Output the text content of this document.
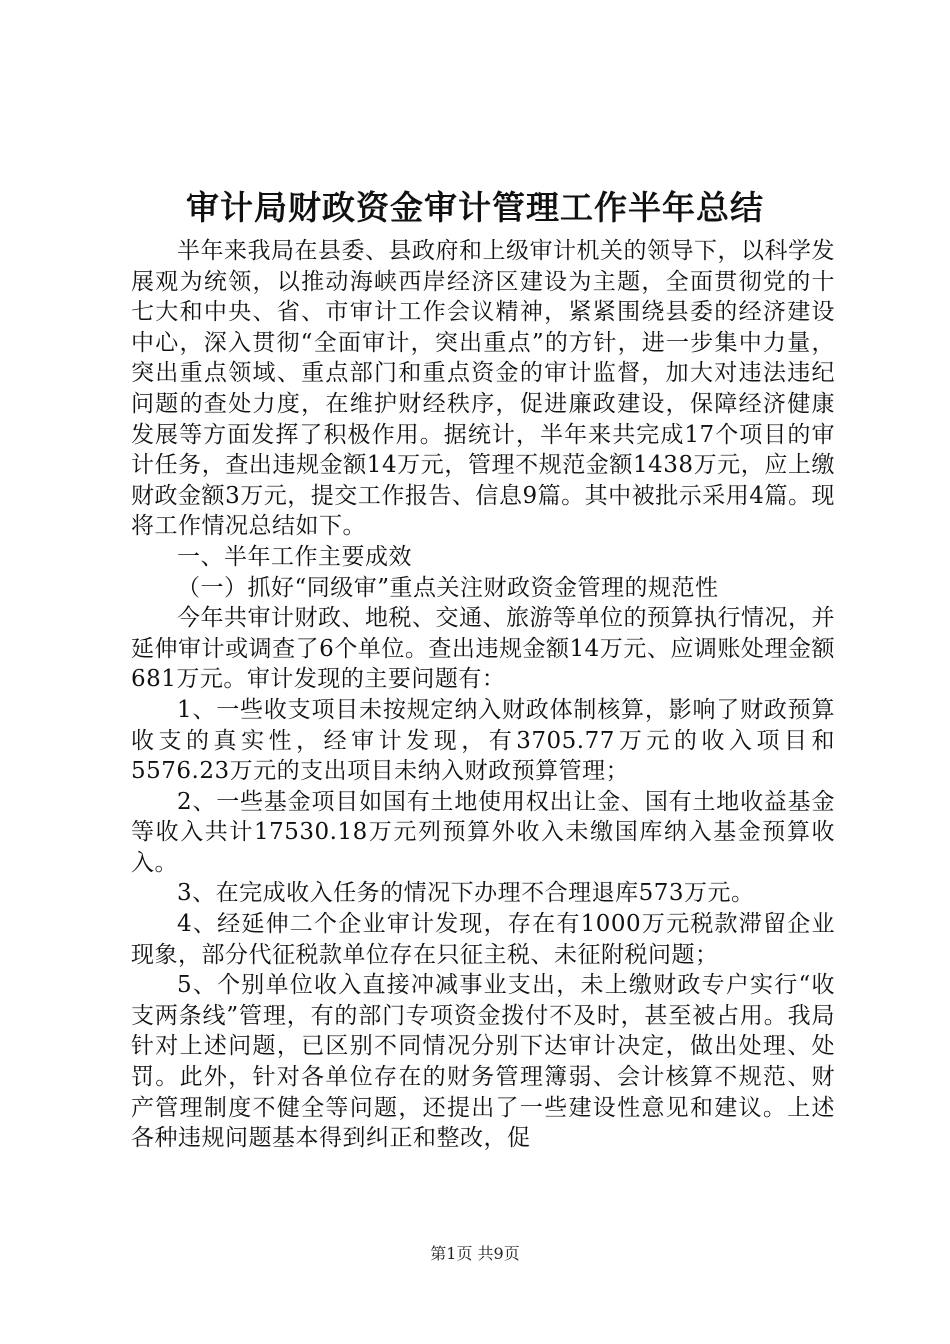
审计局财政资金审计管理工作半年总结

半年来我局在县委、县政府和上级审计机关的领导下，以科学发展观为统领，以推动海峡西岸经济区建设为主题，全面贯彻党的十七大和中央、省、市审计工作会议精神，紧紧围绕县委的经济建设中心，深入贯彻“全面审计，突出重点”的方针，进一步集中力量，突出重点领域、重点部门和重点资金的审计监督，加大对违法违纪问题的查处力度，在维护财经秩序，促进廉政建设，保障经济健康发展等方面发挥了积极作用。据统计，半年来共完成17个项目的审计任务，查出违规金额14万元，管理不规范金额1438万元，应上缴财政金额3万元，提交工作报告、信息9篇。其中被批示采用4篇。现将工作情况总结如下。

一、半年工作主要成效

（一）抓好“同级审”重点关注财政资金管理的规范性

今年共审计财政、地税、交通、旅游等单位的预算执行情况，并延伸审计或调查了6个单位。查出违规金额14万元、应调账处理金额681万元。审计发现的主要问题有：

1、一些收支项目未按规定纳入财政体制核算，影响了财政预算收支的真实性，经审计发现，有3705.77万元的收入项目和5576.23万元的支出项目未纳入财政预算管理；

2、一些基金项目如国有土地使用权出让金、国有土地收益基金等收入共计17530.18万元列预算外收入未缴国库纳入基金预算收入。

3、在完成收入任务的情况下办理不合理退库573万元。

4、经延伸二个企业审计发现，存在有1000万元税款滞留企业现象，部分代征税款单位存在只征主税、未征附税问题；

5、个别单位收入直接冲减事业支出，未上缴财政专户实行“收支两条线”管理，有的部门专项资金拨付不及时，甚至被占用。我局针对上述问题，已区别不同情况分别下达审计决定，做出处理、处罚。此外，针对各单位存在的财务管理簿弱、会计核算不规范、财产管理制度不健全等问题，还提出了一些建设性意见和建议。上述各种违规问题基本得到纠正和整改，促

第1页 共9页
